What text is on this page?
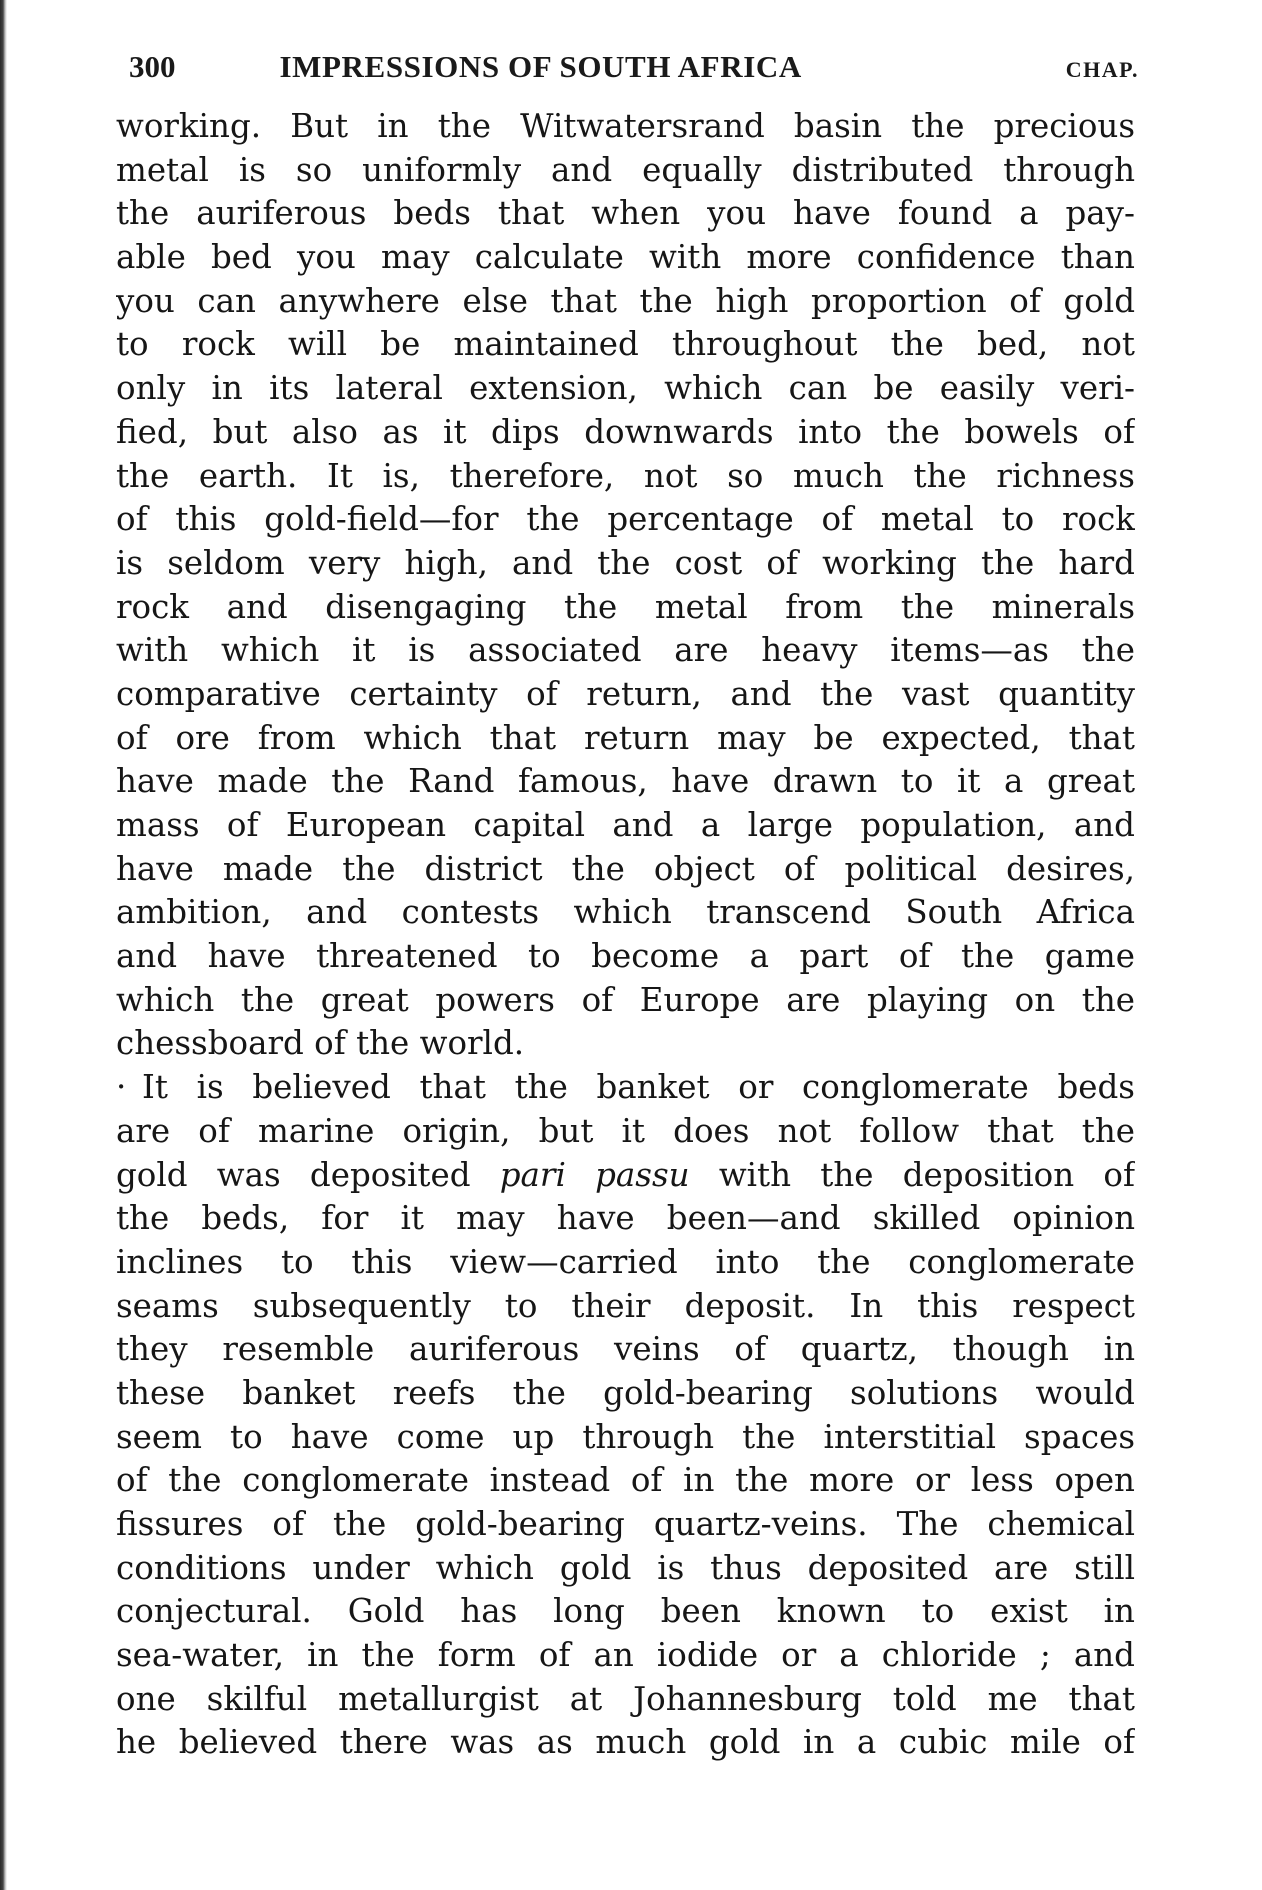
300	IMPRESSIONS OF SOUTH AFRICA	CHAP.
working. But in the Witwatersrand basin the precious
metal is so uniformly and equally distributed through
the auriferous beds that when you have found a pay-
able bed you may calculate with more confidence than
you can anywhere else that the high proportion of gold
to rock will be maintained throughout the bed, not
only in its lateral extension, which can be easily veri-
fied, but also as it dips downwards into the bowels of
the earth. It is, therefore, not so much the richness
of this gold-field—for the percentage of metal to rock
is seldom very high, and the cost of working the hard
rock and disengaging the metal from the minerals
with which it is associated are heavy items—as the
comparative certainty of return, and the vast quantity
of ore from which that return may be expected, that
have made the Rand famous, have drawn to it a great
mass of European capital and a large population, and
have made the district the object of political desires,
ambition, and contests which transcend South Africa
and have threatened to become a part of the game
which the great powers of Europe are playing on the
chessboard of the world.
· It is believed that the banket or conglomerate beds
are of marine origin, but it does not follow that the
gold was deposited pari passu with the deposition of
the beds, for it may have been—and skilled opinion
inclines to this view—carried into the conglomerate
seams subsequently to their deposit. In this respect
they resemble auriferous veins of quartz, though in
these banket reefs the gold-bearing solutions would
seem to have come up through the interstitial spaces
of the conglomerate instead of in the more or less open
fissures of the gold-bearing quartz-veins. The chemical
conditions under which gold is thus deposited are still
conjectural. Gold has long been known to exist in
sea-water, in the form of an iodide or a chloride ; and
one skilful metallurgist at Johannesburg told me that
he believed there was as much gold in a cubic mile of
